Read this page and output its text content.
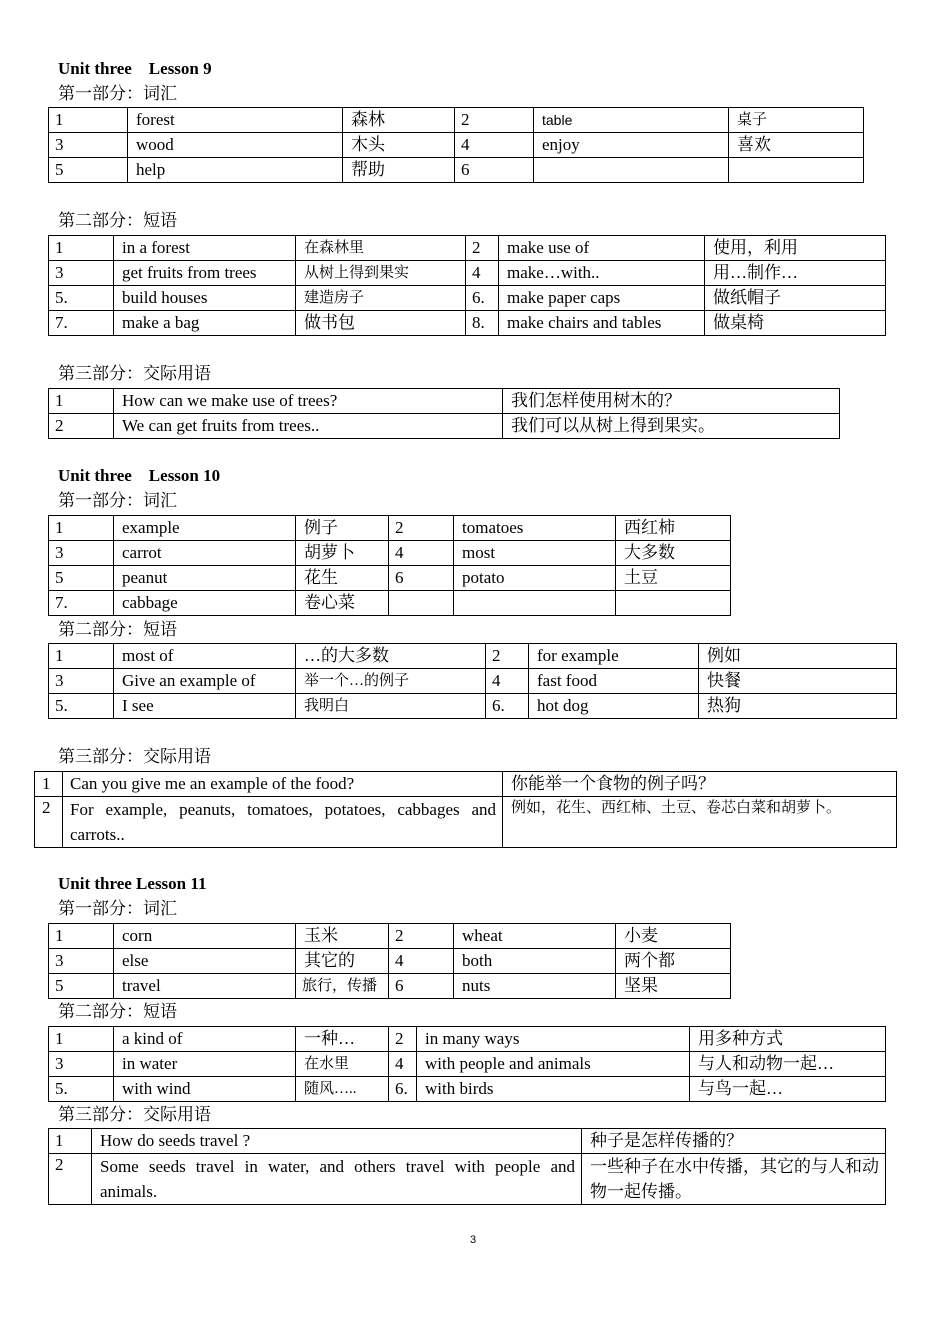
Unit three    Lesson 9
第一部分：词汇
1	forest	森林	2	table	桌子
3	wood	木头	4	enjoy	喜欢
5	help	帮助	6		
第二部分：短语
1	in a forest	在森林里	2	make use of	使用，利用
3	get fruits from trees	从树上得到果实	4	make…with..	用…制作…
5.	build houses	建造房子	6.	make paper caps	做纸帽子
7.	make a bag	做书包	8.	make chairs and tables	做桌椅
第三部分：交际用语
1	How can we make use of trees?	我们怎样使用树木的？
2	We can get fruits from trees..	我们可以从树上得到果实。
Unit three    Lesson 10
第一部分：词汇
1	example	例子	2	tomatoes	西红柿
3	carrot	胡萝卜	4	most	大多数
5	peanut	花生	6	potato	土豆
7.	cabbage	卷心菜			
第二部分：短语
1	most of	…的大多数	2	for example	例如
3	Give an example of	举一个…的例子	4	fast food	快餐
5.	I see	我明白	6.	hot dog	热狗
第三部分：交际用语
1	Can you give me an example of the food?	你能举一个食物的例子吗？
2	For example, peanuts, tomatoes, potatoes, cabbages and carrots..	例如，花生、西红柿、土豆、卷芯白菜和胡萝卜。
Unit three Lesson 11
第一部分：词汇
1	corn	玉米	2	wheat	小麦
3	else	其它的	4	both	两个都
5	travel	旅行，传播	6	nuts	坚果
第二部分：短语
1	a kind of	一种…	2	in many ways	用多种方式
3	in water	在水里	4	with people and animals	与人和动物一起…
5.	with wind	随风…..	6.	with birds	与鸟一起…
第三部分：交际用语
1	How do seeds travel ?	种子是怎样传播的？
2	Some seeds travel in water, and others travel with people and animals.	一些种子在水中传播，其它的与人和动物一起传播。
3
